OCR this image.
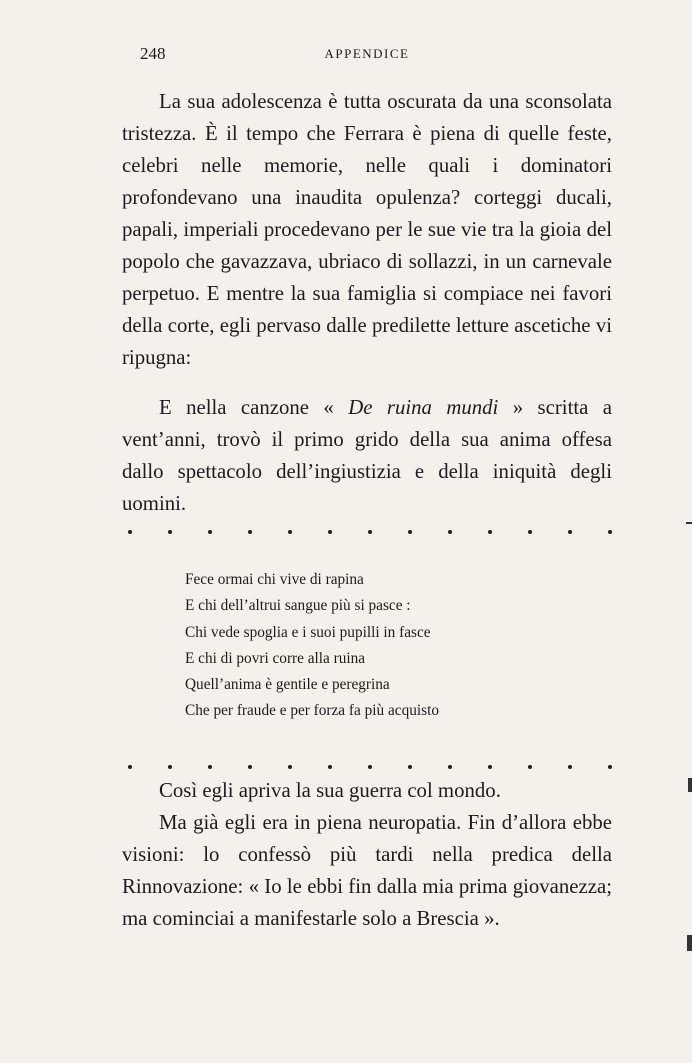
248	APPENDICE

La sua adolescenza è tutta oscurata da una sconsolata tristezza. È il tempo che Ferrara è piena di quelle feste, celebri nelle memorie, nelle quali i dominatori profondevano una inaudita opulenza? corteggi ducali, papali, imperiali procedevano per le sue vie tra la gioia del popolo che gavazzava, ubriaco di sollazzi, in un carnevale perpetuo. E mentre la sua famiglia si compiace nei favori della corte, egli pervaso dalle predilette letture ascetiche vi ripugna:

E nella canzone « De ruina mundi » scritta a vent’anni, trovò il primo grido della sua anima offesa dallo spettacolo dell’ingiustizia e della iniquità degli uomini.

Fece ormai chi vive di rapina
E chi dell’altrui sangue più si pasce :
Chi vede spoglia e i suoi pupilli in fasce
E chi di povri corre alla ruina
Quell’anima è gentile e peregrina
Che per fraude e per forza fa più acquisto

Così egli apriva la sua guerra col mondo.

Ma già egli era in piena neuropatia. Fin d’allora ebbe visioni: lo confessò più tardi nella predica della Rinnovazione: « Io le ebbi fin dalla mia prima giovanezza; ma cominciai a manifestarle solo a Brescia ».
